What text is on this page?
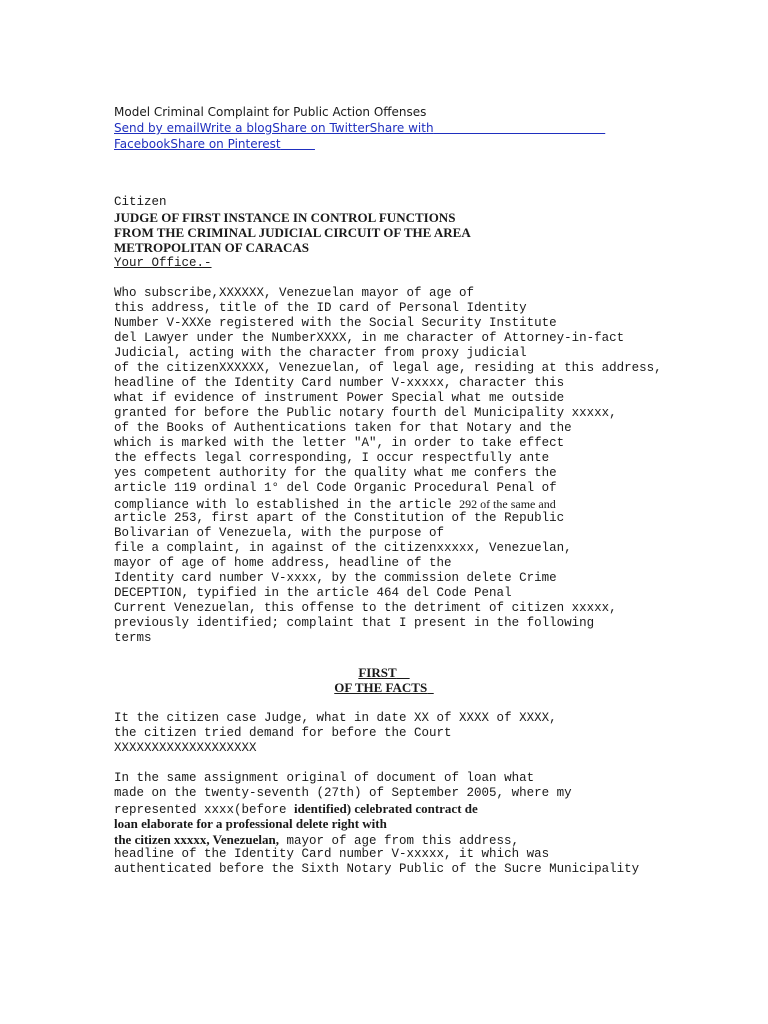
Model Criminal Complaint for Public Action Offenses
Send by emailWrite a blogShare on TwitterShare with
FacebookShare on Pinterest
Citizen
JUDGE OF FIRST INSTANCE IN CONTROL FUNCTIONS
FROM THE CRIMINAL JUDICIAL CIRCUIT OF THE AREA
METROPOLITAN OF CARACAS
Your Office.-
Who subscribe,XXXXXX, Venezuelan mayor of age of
this address, title of the ID card of Personal Identity
Number V-XXXe registered with the Social Security Institute
del Lawyer under the NumberXXXX, in me character of Attorney-in-fact
Judicial, acting with the character from proxy judicial
of the citizenXXXXXX, Venezuelan, of legal age, residing at this address,
headline of the Identity Card number V-xxxxx, character this
what if evidence of instrument Power Special what me outside
granted for before the Public notary fourth del Municipality xxxxx,
of the Books of Authentications taken for that Notary and the
which is marked with the letter "A", in order to take effect
the effects legal corresponding, I occur respectfully ante
yes competent authority for the quality what me confers the
article 119 ordinal 1° del Code Organic Procedural Penal of
compliance with lo established in the article 292 of the same and
article 253, first apart of the Constitution of the Republic
Bolivarian of Venezuela, with the purpose of
file a complaint, in against of the citizenxxxxx, Venezuelan,
mayor of age of home address, headline of the
Identity card number V-xxxx, by the commission delete Crime
DECEPTION, typified in the article 464 del Code Penal
Current Venezuelan, this offense to the detriment of citizen xxxxx,
previously identified; complaint that I present in the following
terms
FIRST
OF THE FACTS
It the citizen case Judge, what in date XX of XXXX of XXXX,
the citizen tried demand for before the Court
XXXXXXXXXXXXXXXXXXX
In the same assignment original of document of loan what
made on the twenty-seventh (27th) of September 2005, where my
represented xxxx(before identified) celebrated contract de
loan elaborate for a professional delete right with
the citizen xxxxx, Venezuelan, mayor of age from this address,
headline of the Identity Card number V-xxxxx, it which was
authenticated before the Sixth Notary Public of the Sucre Municipality
